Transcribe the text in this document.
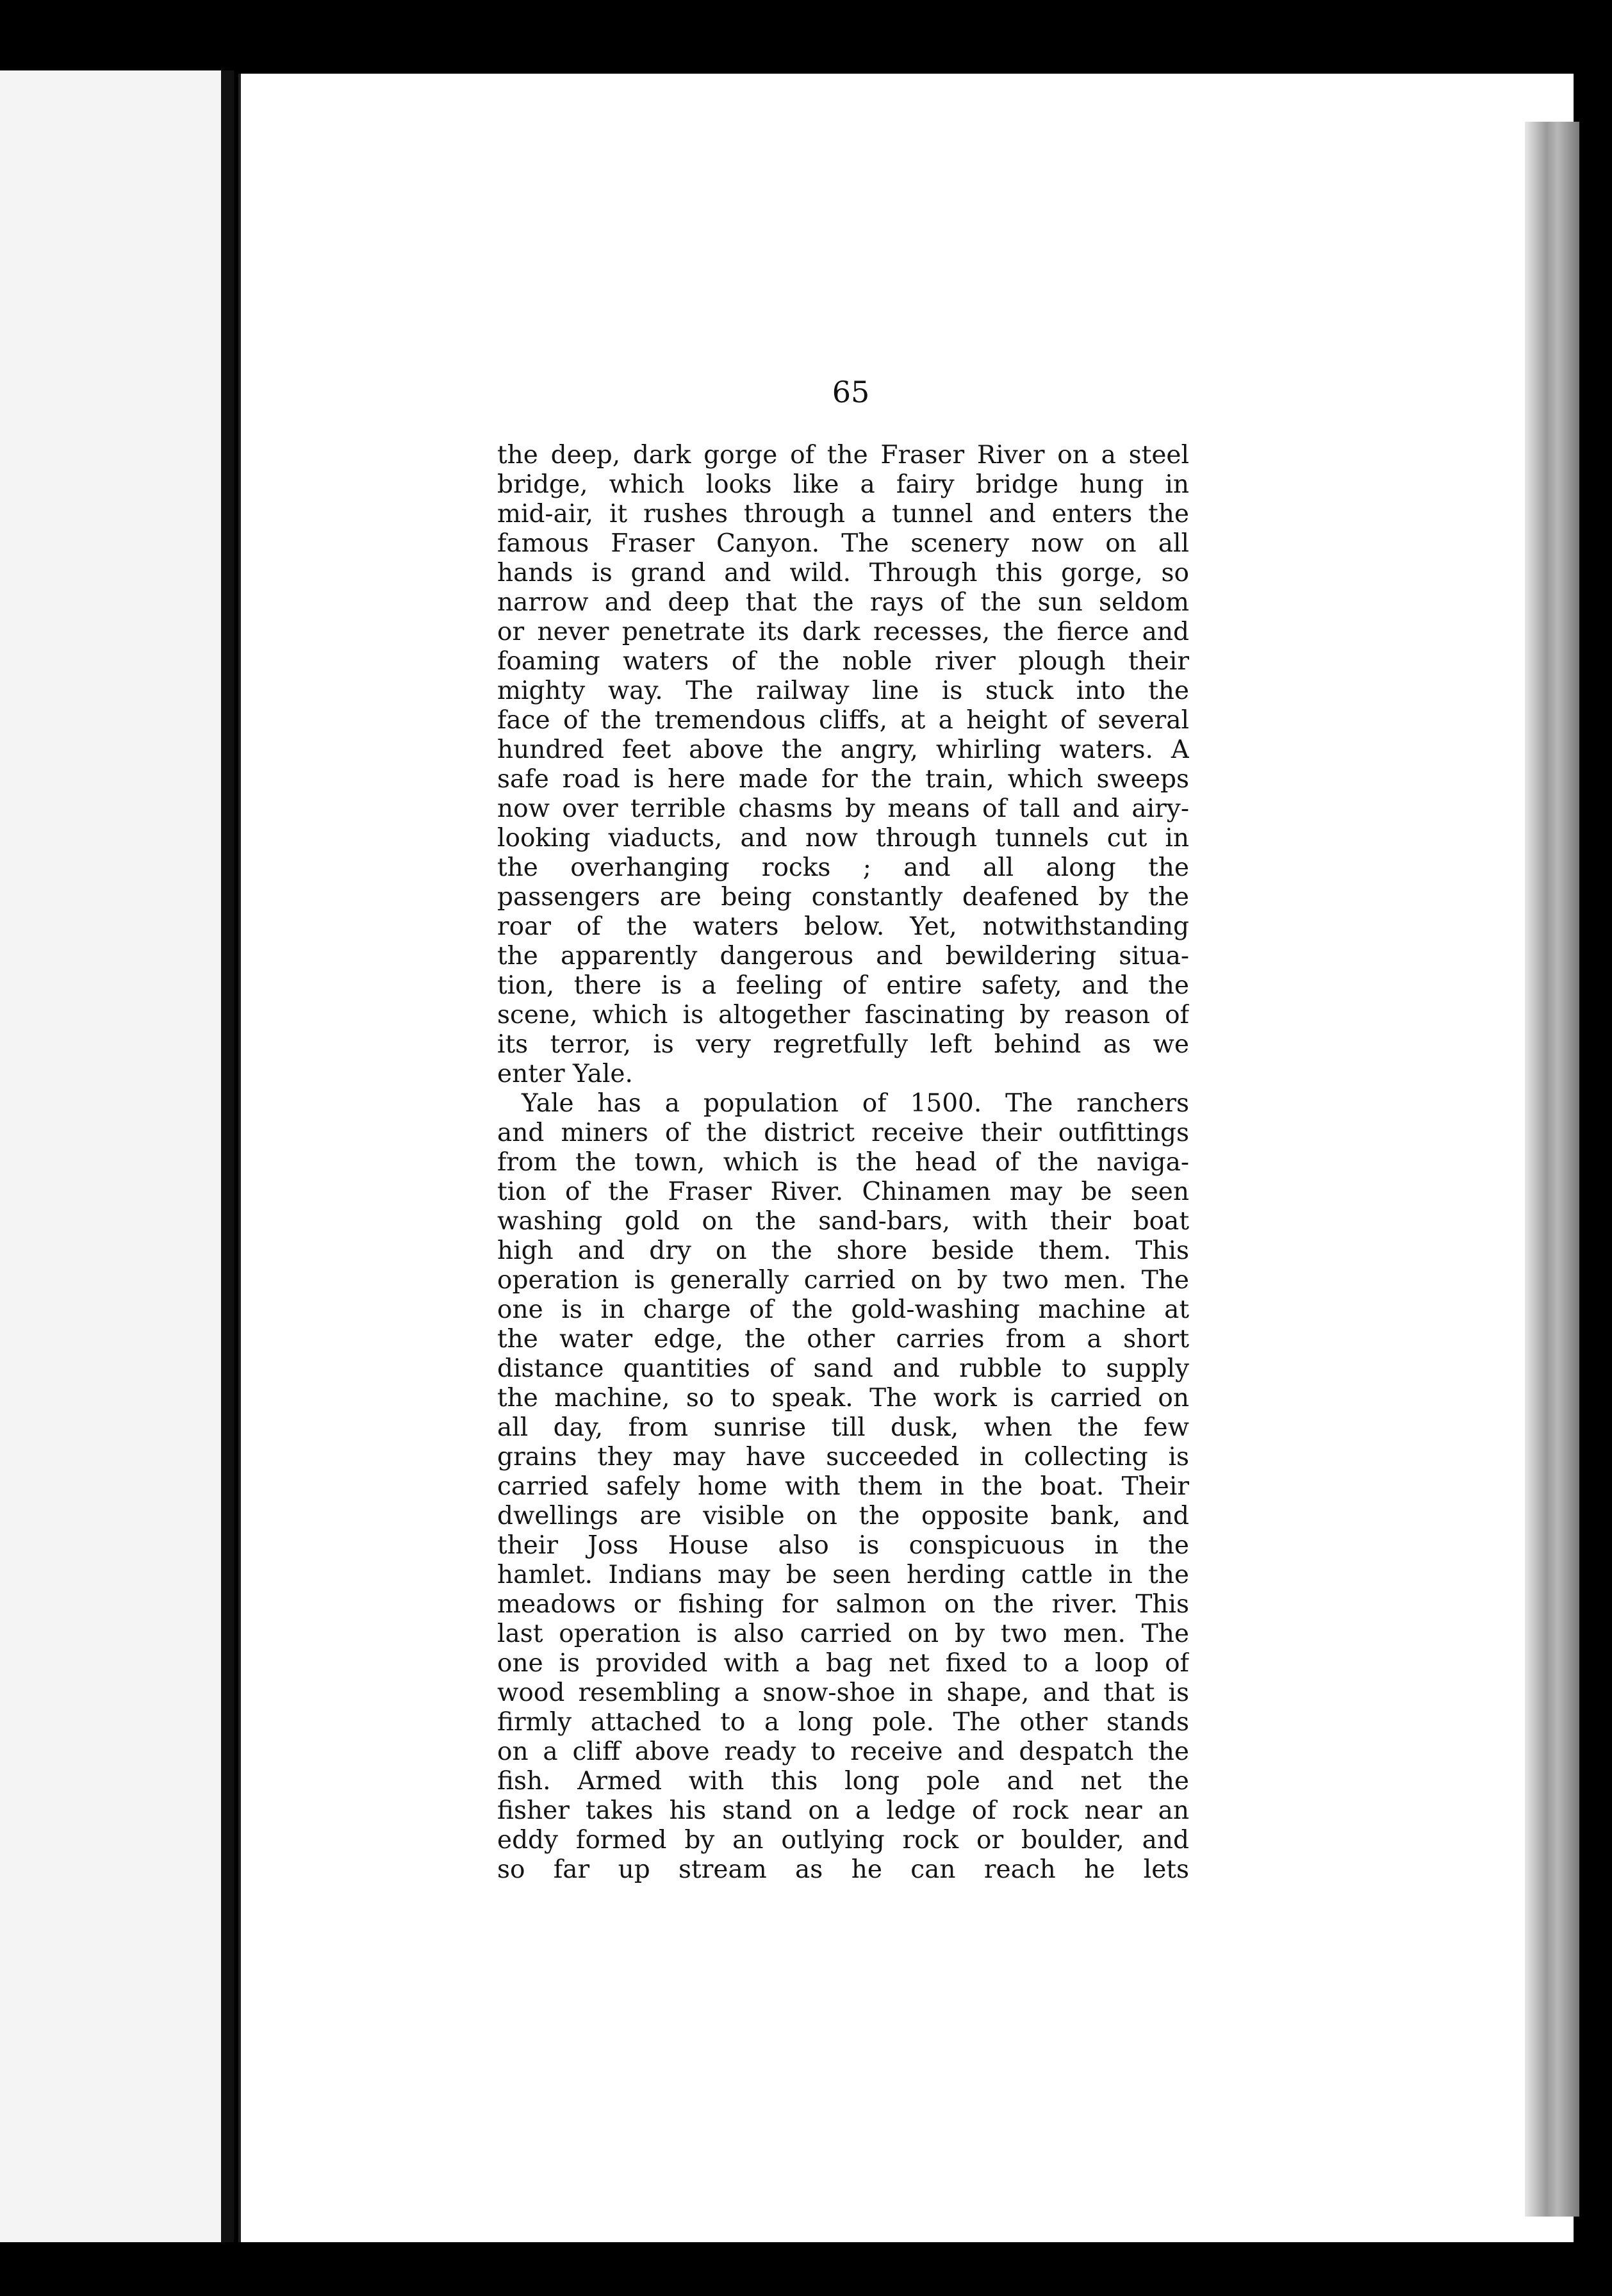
65
the deep, dark gorge of the Fraser River on a steel
bridge, which looks like a fairy bridge hung in
mid-air, it rushes through a tunnel and enters the
famous Fraser Canyon. The scenery now on all
hands is grand and wild. Through this gorge, so
narrow and deep that the rays of the sun seldom
or never penetrate its dark recesses, the fierce and
foaming waters of the noble river plough their
mighty way. The railway line is stuck into the
face of the tremendous cliffs, at a height of several
hundred feet above the angry, whirling waters. A
safe road is here made for the train, which sweeps
now over terrible chasms by means of tall and airy-
looking viaducts, and now through tunnels cut in
the overhanging rocks ; and all along the
passengers are being constantly deafened by the
roar of the waters below. Yet, notwithstanding
the apparently dangerous and bewildering situa-
tion, there is a feeling of entire safety, and the
scene, which is altogether fascinating by reason of
its terror, is very regretfully left behind as we
enter Yale.
Yale has a population of 1500. The ranchers
and miners of the district receive their outfittings
from the town, which is the head of the naviga-
tion of the Fraser River. Chinamen may be seen
washing gold on the sand-bars, with their boat
high and dry on the shore beside them. This
operation is generally carried on by two men. The
one is in charge of the gold-washing machine at
the water edge, the other carries from a short
distance quantities of sand and rubble to supply
the machine, so to speak. The work is carried on
all day, from sunrise till dusk, when the few
grains they may have succeeded in collecting is
carried safely home with them in the boat. Their
dwellings are visible on the opposite bank, and
their Joss House also is conspicuous in the
hamlet. Indians may be seen herding cattle in the
meadows or fishing for salmon on the river. This
last operation is also carried on by two men. The
one is provided with a bag net fixed to a loop of
wood resembling a snow-shoe in shape, and that is
firmly attached to a long pole. The other stands
on a cliff above ready to receive and despatch the
fish. Armed with this long pole and net the
fisher takes his stand on a ledge of rock near an
eddy formed by an outlying rock or boulder, and
so far up stream as he can reach he lets
